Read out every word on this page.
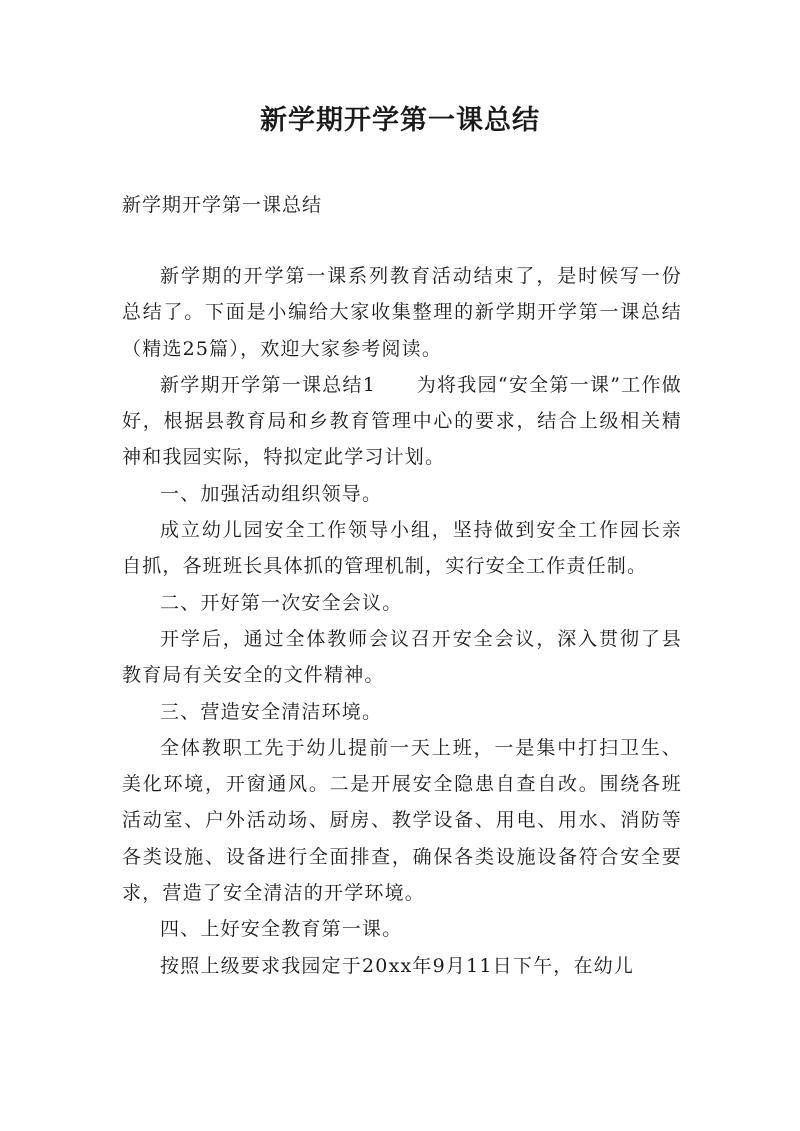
新学期开学第一课总结
新学期开学第一课总结

新学期的开学第一课系列教育活动结束了，是时候写一份总结了。下面是小编给大家收集整理的新学期开学第一课总结（精选25篇），欢迎大家参考阅读。

新学期开学第一课总结1　　为将我园“安全第一课”工作做好，根据县教育局和乡教育管理中心的要求，结合上级相关精神和我园实际，特拟定此学习计划。

一、加强活动组织领导。

成立幼儿园安全工作领导小组，坚持做到安全工作园长亲自抓，各班班长具体抓的管理机制，实行安全工作责任制。

二、开好第一次安全会议。

开学后，通过全体教师会议召开安全会议，深入贯彻了县教育局有关安全的文件精神。

三、营造安全清洁环境。

全体教职工先于幼儿提前一天上班，一是集中打扫卫生、美化环境，开窗通风。二是开展安全隐患自查自改。围绕各班活动室、户外活动场、厨房、教学设备、用电、用水、消防等各类设施、设备进行全面排查，确保各类设施设备符合安全要求，营造了安全清洁的开学环境。

四、上好安全教育第一课。

按照上级要求我园定于20xx年9月11日下午，在幼儿
